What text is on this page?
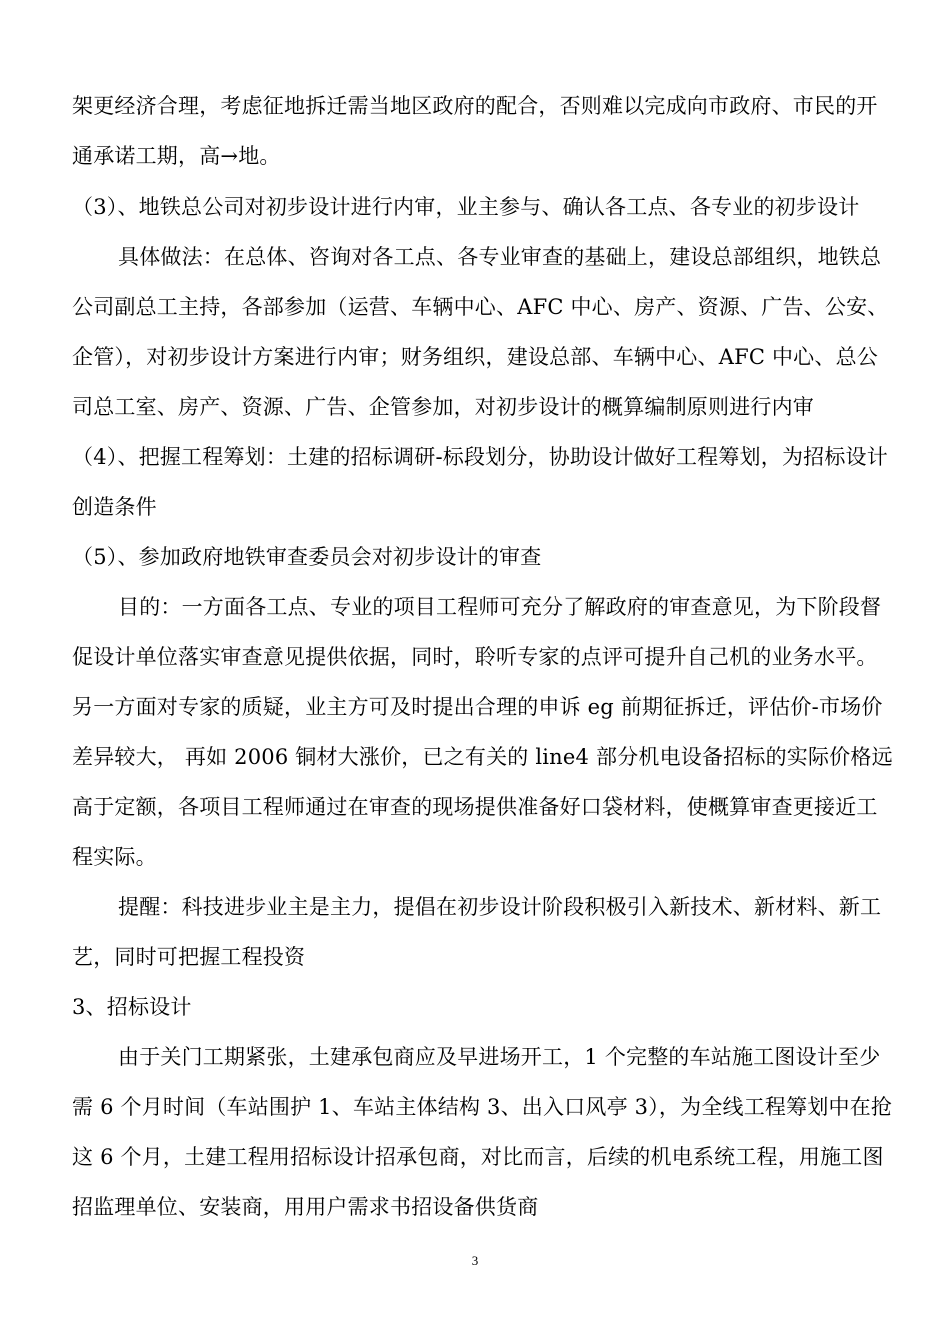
架更经济合理，考虑征地拆迁需当地区政府的配合，否则难以完成向市政府、市民的开
通承诺工期，高→地。
（3）、地铁总公司对初步设计进行内审，业主参与、确认各工点、各专业的初步设计
具体做法：在总体、咨询对各工点、各专业审查的基础上，建设总部组织，地铁总
公司副总工主持，各部参加（运营、车辆中心、AFC 中心、房产、资源、广告、公安、
企管），对初步设计方案进行内审；财务组织，建设总部、车辆中心、AFC 中心、总公
司总工室、房产、资源、广告、企管参加，对初步设计的概算编制原则进行内审
（4）、把握工程筹划：土建的招标调研-标段划分，协助设计做好工程筹划，为招标设计
创造条件
（5）、参加政府地铁审查委员会对初步设计的审查
目的：一方面各工点、专业的项目工程师可充分了解政府的审查意见，为下阶段督
促设计单位落实审查意见提供依据，同时，聆听专家的点评可提升自己机的业务水平。
另一方面对专家的质疑，业主方可及时提出合理的申诉 eg 前期征拆迁，评估价-市场价
差异较大， 再如 2006 铜材大涨价，已之有关的 line4 部分机电设备招标的实际价格远
高于定额，各项目工程师通过在审查的现场提供准备好口袋材料，使概算审查更接近工
程实际。
提醒：科技进步业主是主力，提倡在初步设计阶段积极引入新技术、新材料、新工
艺，同时可把握工程投资
3、招标设计
由于关门工期紧张，土建承包商应及早进场开工，1 个完整的车站施工图设计至少
需 6 个月时间（车站围护 1、车站主体结构 3、出入口风亭 3），为全线工程筹划中在抢
这 6 个月，土建工程用招标设计招承包商，对比而言，后续的机电系统工程，用施工图
招监理单位、安装商，用用户需求书招设备供货商
3
